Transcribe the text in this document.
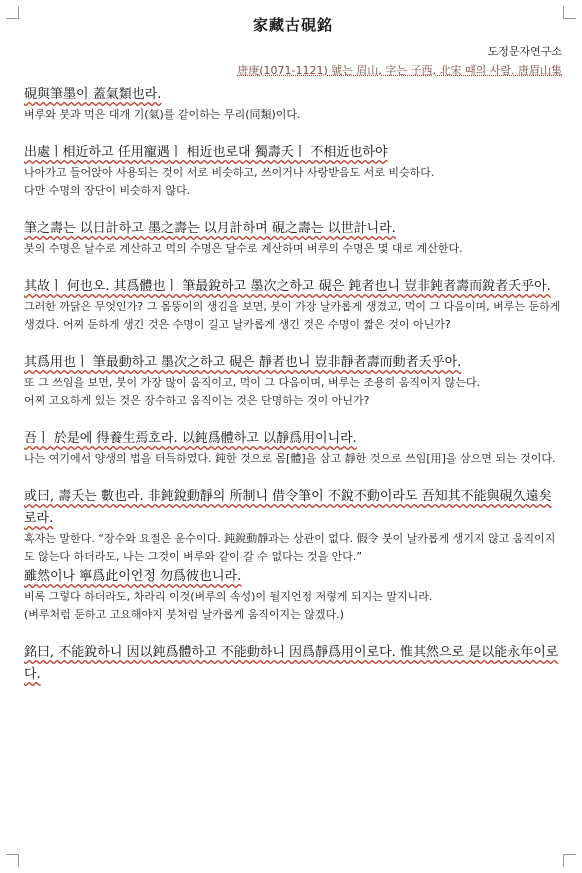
家藏古硯銘
도정문자연구소
唐庚(1071-1121) 號는 眉山, 字는 子西, 北宋 때의 사람. 唐眉山集
硯與筆墨이 蓋氣類也라.
벼루와 붓과 먹은 대개 기(氣)를 같이하는 무리(同類)이다.
出處ㅣ相近하고 任用寵遇ㅣ 相近也로대 獨壽夭ㅣ 不相近也하야
나아가고 들어앉아 사용되는 것이 서로 비슷하고, 쓰이거나 사랑받음도 서로 비슷하다.
다만 수명의 장단이 비슷하지 않다.
筆之壽는 以日計하고 墨之壽는 以月計하며 硯之壽는 以世計니라.
붓의 수명은 날수로 계산하고 먹의 수명은 달수로 계산하며 벼루의 수명은 몇 대로 계산한다.
其故ㅣ 何也오. 其爲體也ㅣ 筆最銳하고 墨次之하고 硯은 鈍者也니 豈非鈍者壽而銳者夭乎아.
그러한 까닭은 무엇인가? 그 몸뚱이의 생김을 보면, 붓이 가장 날카롭게 생겼고, 먹이 그 다음이며, 벼루는 둔하게 생겼다. 어찌 둔하게 생긴 것은 수명이 길고 날카롭게 생긴 것은 수명이 짧은 것이 아닌가?
其爲用也ㅣ 筆最動하고 墨次之하고 硯은 靜者也니 豈非靜者壽而動者夭乎아.
또 그 쓰임을 보면, 붓이 가장 많이 움직이고, 먹이 그 다음이며, 벼루는 조용히 움직이지 않는다.
어찌 고요하게 있는 것은 장수하고 움직이는 것은 단명하는 것이 아닌가?
吾ㅣ 於是에 得養生焉호라. 以鈍爲體하고 以靜爲用이니라.
나는 여기에서 양생의 법을 터득하였다. 鈍한 것으로 몸[體]을 삼고 靜한 것으로 쓰임[用]을 삼으면 되는 것이다.
或曰, 壽夭는 數也라. 非鈍銳動靜의 所制니 借令筆이 不銳不動이라도 吾知其不能與硯久遠矣로라.
혹자는 말한다. “장수와 요절은 운수이다. 鈍銳動靜과는 상관이 없다. 假令 붓이 날카롭게 생기지 않고 움직이지도 않는다 하더라도, 나는 그것이 벼루와 같이 갈 수 없다는 것을 안다.”
雖然이나 寧爲此이언정 勿爲彼也니라.
비록 그렇다 하더라도, 차라리 이것(벼루의 속성)이 될지언정 저렇게 되지는 말지니라.
(벼루처럼 둔하고 고요해야지 붓처럼 날카롭게 움직이지는 않겠다.)
銘曰, 不能銳하니 因以鈍爲體하고 不能動하니 因爲靜爲用이로다. 惟其然으로 是以能永年이로다.
